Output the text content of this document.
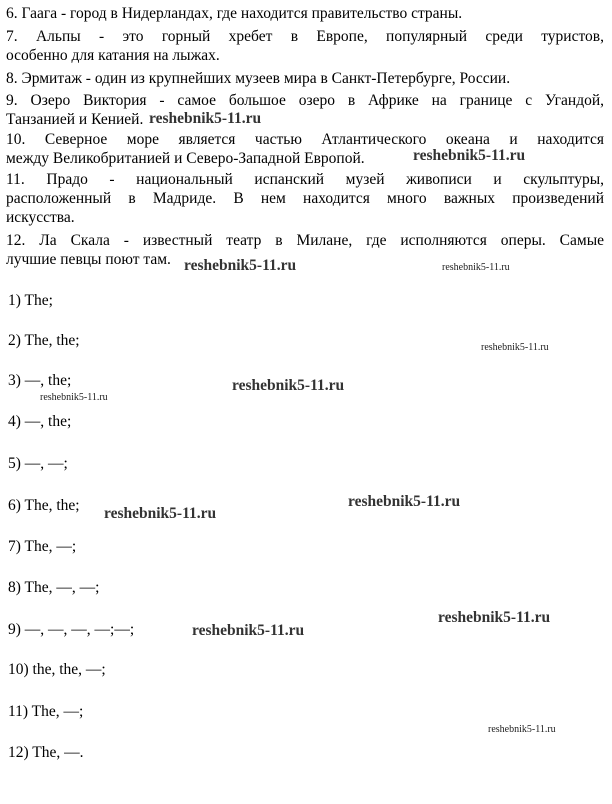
6. Гаага - город в Нидерландах, где находится правительство страны.
7. Альпы - это горный хребет в Европе, популярный среди туристов,
особенно для катания на лыжах.
8. Эрмитаж - один из крупнейших музеев мира в Санкт-Петербурге, России.
9. Озеро Виктория - самое большое озеро в Африке на границе с Угандой,
Танзанией и Кенией.
10. Северное море является частью Атлантического океана и находится
между Великобританией и Северо-Западной Европой.
11. Прадо - национальный испанский музей живописи и скульптуры,
расположенный в Мадриде. В нем находится много важных произведений
искусства.
12. Ла Скала - известный театр в Милане, где исполняются оперы. Самые
лучшие певцы поют там.
1) The;
2) The, the;
3) —, the;
4) —, the;
5) —, —;
6) The, the;
7) The, —;
8) The, —, —;
9) —, —, —, —;—;
10) the, the, —;
11) The, —;
12) The, —.
reshebnik5-11.ru
reshebnik5-11.ru
reshebnik5-11.ru	reshebnik5-11.ru
reshebnik5-11.ru
reshebnik5-11.ru
reshebnik5-11.ru
reshebnik5-11.ru
reshebnik5-11.ru
reshebnik5-11.ru
reshebnik5-11.ru
reshebnik5-11.ru
